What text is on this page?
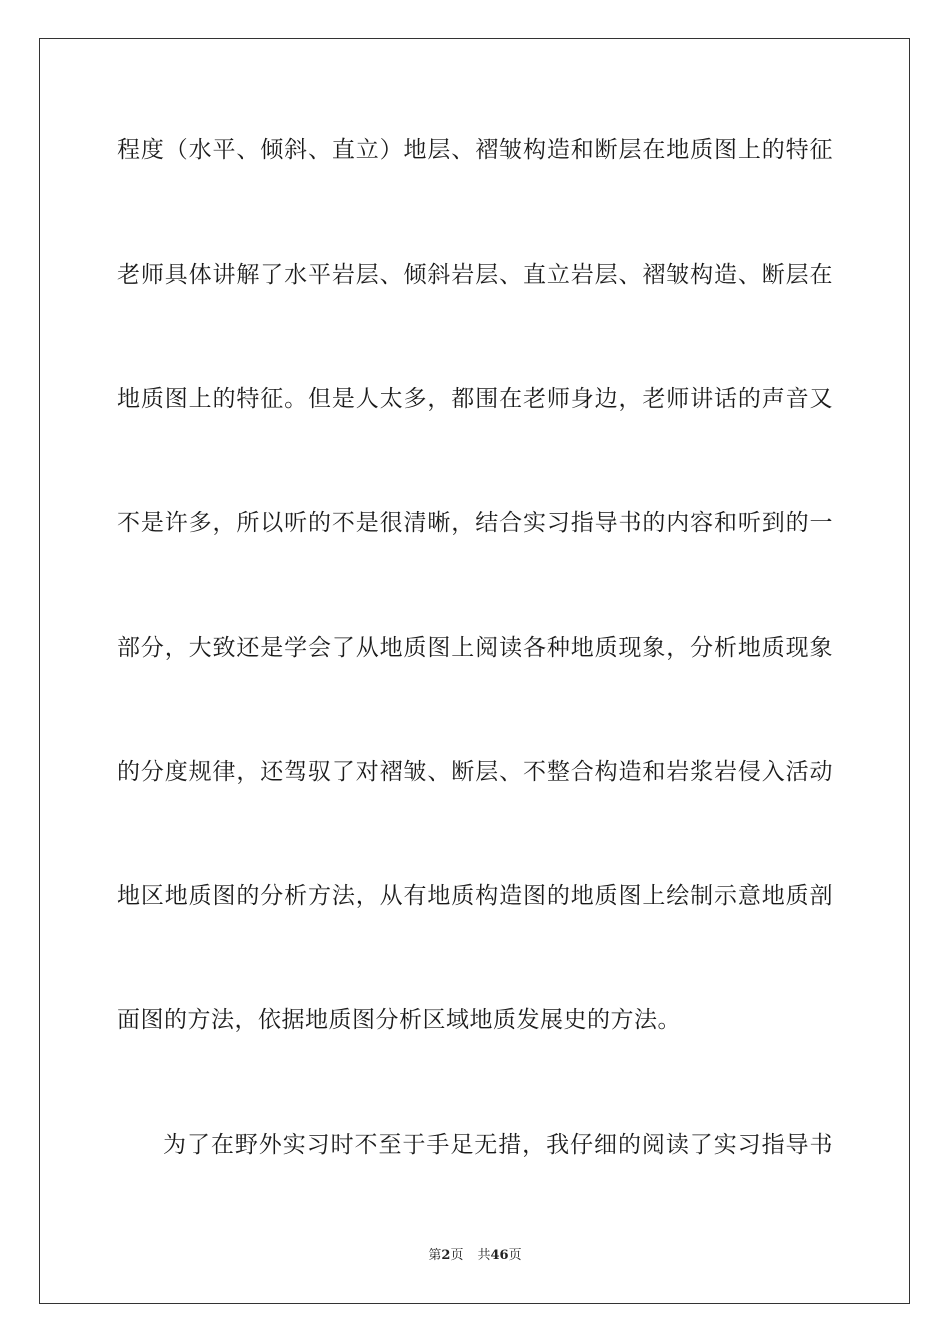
程度（水平、倾斜、直立）地层、褶皱构造和断层在地质图上的特征
老师具体讲解了水平岩层、倾斜岩层、直立岩层、褶皱构造、断层在
地质图上的特征。但是人太多，都围在老师身边，老师讲话的声音又
不是许多，所以听的不是很清晰，结合实习指导书的内容和听到的一
部分，大致还是学会了从地质图上阅读各种地质现象，分析地质现象
的分度规律，还驾驭了对褶皱、断层、不整合构造和岩浆岩侵入活动
地区地质图的分析方法，从有地质构造图的地质图上绘制示意地质剖
面图的方法，依据地质图分析区域地质发展史的方法。
为了在野外实习时不至于手足无措，我仔细的阅读了实习指导书
第2页 共46页
